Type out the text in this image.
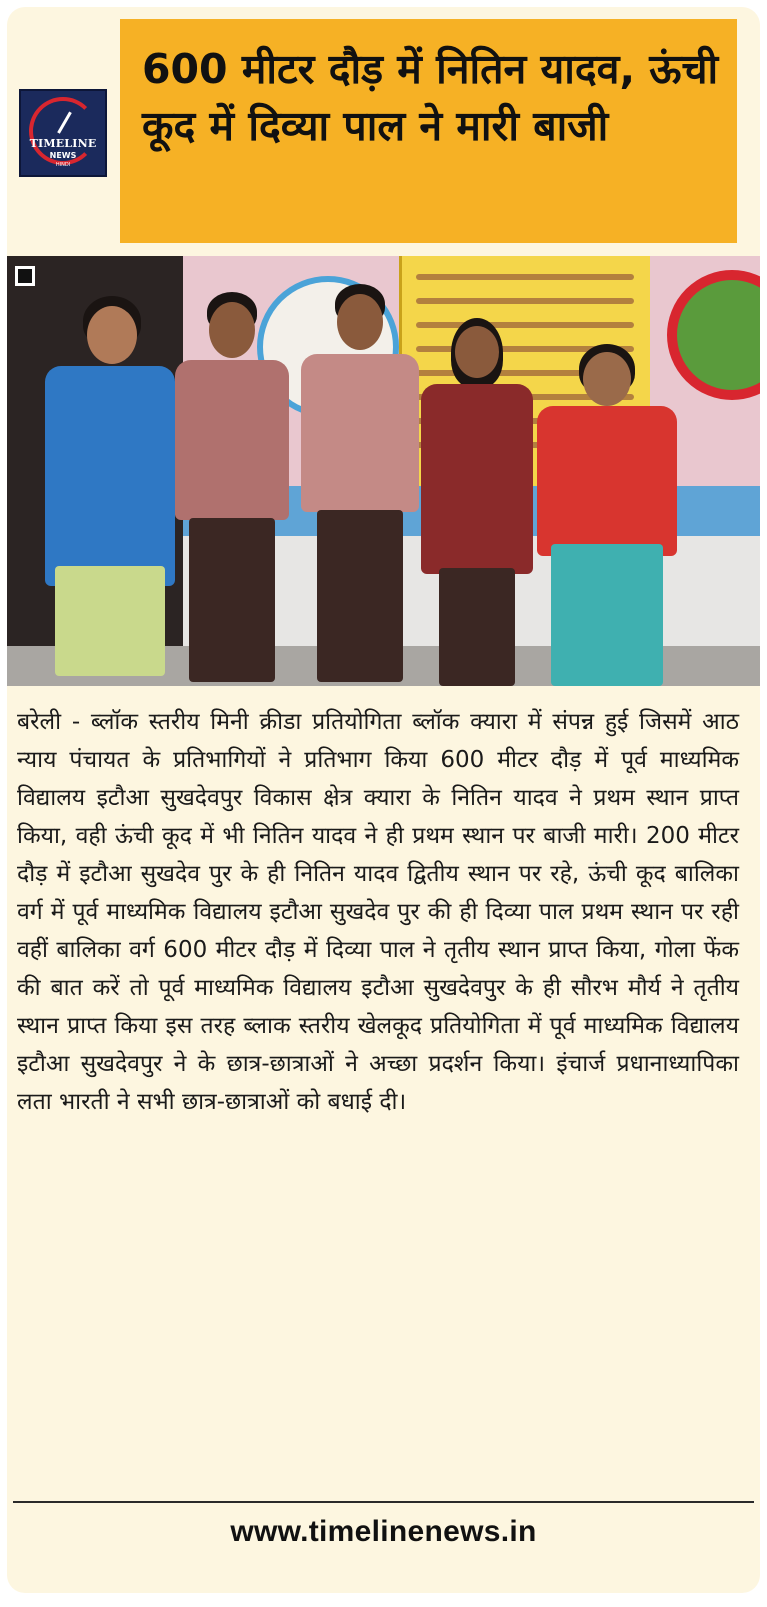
TIMELINE
NEWS
HINDI
600 मीटर दौड़ में नितिन यादव, ऊंची कूद में दिव्या पाल ने मारी बाजी

बरेली - ब्लॉक स्तरीय मिनी क्रीडा प्रतियोगिता ब्लॉक क्यारा में संपन्न हुई जिसमें आठ न्याय पंचायत के प्रतिभागियों ने प्रतिभाग किया 600 मीटर दौड़ में पूर्व माध्यमिक विद्यालय इटौआ सुखदेवपुर विकास क्षेत्र क्यारा के नितिन यादव ने प्रथम स्थान प्राप्त किया, वही ऊंची कूद में भी नितिन यादव ने ही प्रथम स्थान पर बाजी मारी। 200 मीटर दौड़ में इटौआ सुखदेव पुर के ही नितिन यादव द्वितीय स्थान पर रहे, ऊंची कूद बालिका वर्ग में पूर्व माध्यमिक विद्यालय इटौआ सुखदेव पुर की ही दिव्या पाल प्रथम स्थान पर रही वहीं बालिका वर्ग 600 मीटर दौड़ में दिव्या पाल ने तृतीय स्थान प्राप्त किया, गोला फेंक की बात करें तो पूर्व माध्यमिक विद्यालय इटौआ सुखदेवपुर के ही सौरभ मौर्य ने तृतीय स्थान प्राप्त किया इस तरह ब्लाक स्तरीय खेलकूद प्रतियोगिता में पूर्व माध्यमिक विद्यालय इटौआ सुखदेवपुर ने के छात्र-छात्राओं ने अच्छा प्रदर्शन किया। इंचार्ज प्रधानाध्यापिका लता भारती ने सभी छात्र-छात्राओं को बधाई दी।

www.timelinenews.in
